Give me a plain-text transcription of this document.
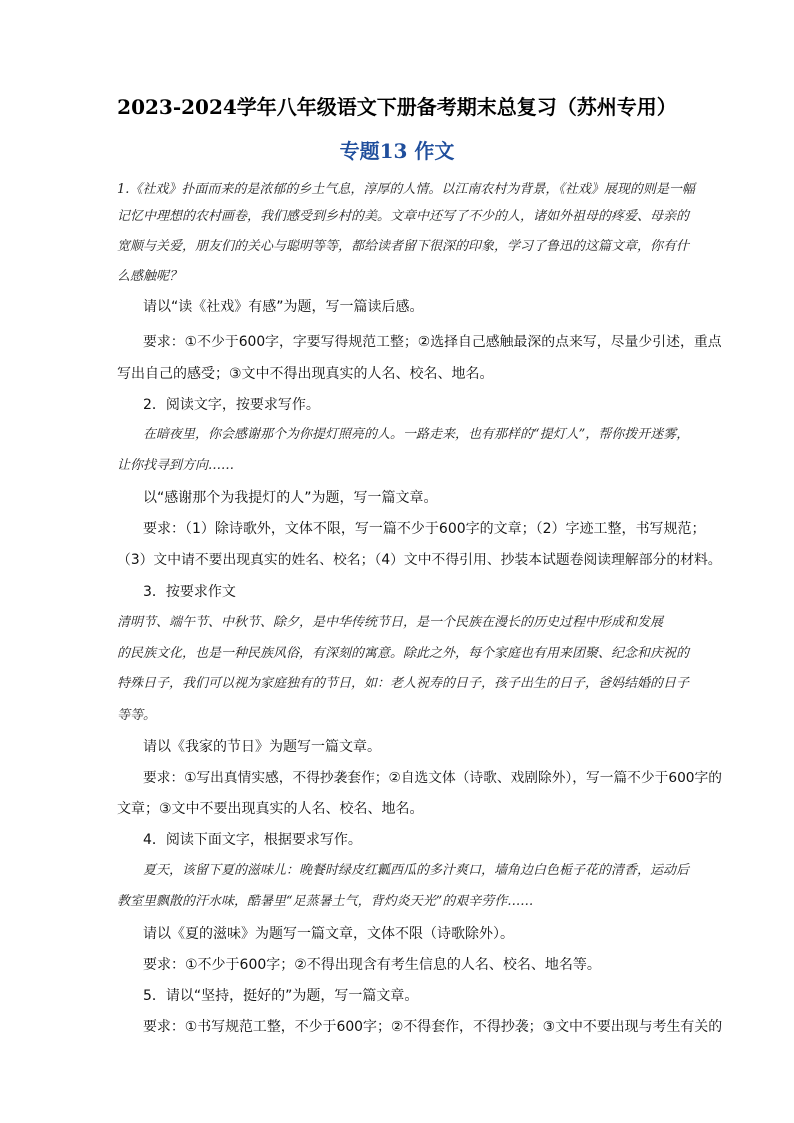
2023-2024学年八年级语文下册备考期末总复习（苏州专用）
专题13 作文
1.《社戏》扑面而来的是浓郁的乡土气息，淳厚的人情。以江南农村为背景，《社戏》展现的则是一幅
记忆中理想的农村画卷，我们感受到乡村的美。文章中还写了不少的人，诸如外祖母的疼爱、母亲的
宽顺与关爱，朋友们的关心与聪明等等，都给读者留下很深的印象，学习了鲁迅的这篇文章，你有什
么感触呢？
请以“读《社戏》有感”为题，写一篇读后感。
要求：①不少于600字，字要写得规范工整；②选择自己感触最深的点来写，尽量少引述，重点
写出自己的感受；③文中不得出现真实的人名、校名、地名。
2．阅读文字，按要求写作。
在暗夜里，你会感谢那个为你提灯照亮的人。一路走来，也有那样的“提灯人”，帮你拨开迷雾，
让你找寻到方向……
以“感谢那个为我提灯的人”为题，写一篇文章。
要求：（1）除诗歌外，文体不限，写一篇不少于600字的文章；（2）字迹工整，书写规范；
（3）文中请不要出现真实的姓名、校名；（4）文中不得引用、抄装本试题卷阅读理解部分的材料。
3．按要求作文
清明节、端午节、中秋节、除夕，是中华传统节日，是一个民族在漫长的历史过程中形成和发展
的民族文化，也是一种民族风俗，有深刻的寓意。除此之外，每个家庭也有用来团聚、纪念和庆祝的
特殊日子，我们可以视为家庭独有的节日，如：老人祝寿的日子，孩子出生的日子，爸妈结婚的日子
等等。
请以《我家的节日》为题写一篇文章。
要求：①写出真情实感，不得抄袭套作；②自选文体（诗歌、戏剧除外），写一篇不少于600字的
文章；③文中不要出现真实的人名、校名、地名。
4．阅读下面文字，根据要求写作。
夏天，该留下夏的滋味儿：晚餐时绿皮红瓤西瓜的多汁爽口，墙角边白色栀子花的清香，运动后
教室里飘散的汗水味，酷暑里“足蒸暑土气，背灼炎天光”的艰辛劳作……
请以《夏的滋味》为题写一篇文章，文体不限（诗歌除外）。
要求：①不少于600字；②不得出现含有考生信息的人名、校名、地名等。
5．请以“坚持，挺好的”为题，写一篇文章。
要求：①书写规范工整，不少于600字；②不得套作，不得抄袭；③文中不要出现与考生有关的
